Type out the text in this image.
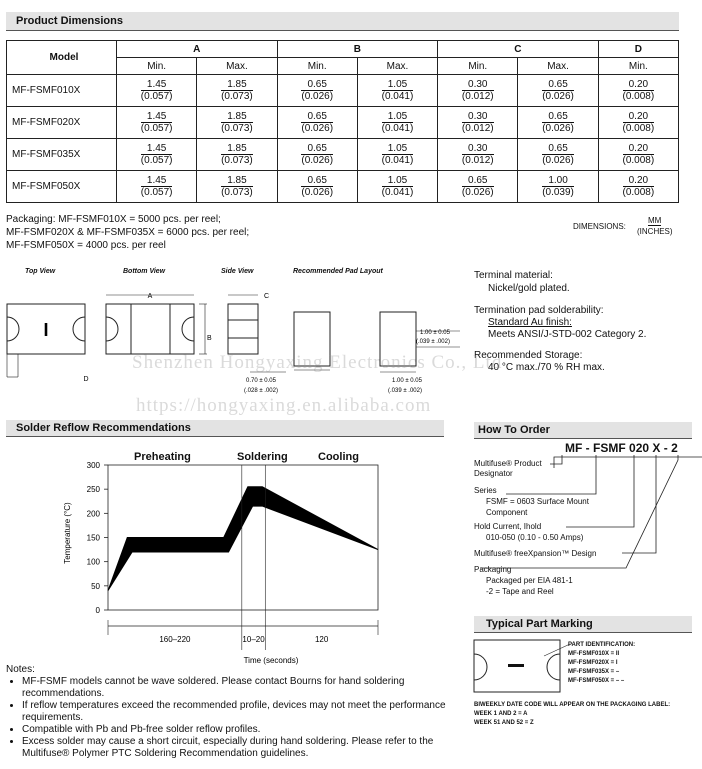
Product Dimensions
Model	A		B		C		D
	Min.	Max.	Min.	Max.	Min.	Max.	Min.
MF-FSMF010X	$\frac{1.45}{(0.057)}$	$\frac{1.85}{(0.073)}$	$\frac{0.65}{(0.026)}$	$\frac{1.05}{(0.041)}$	$\frac{0.30}{(0.012)}$	$\frac{0.65}{(0.026)}$	$\frac{0.20}{(0.008)}$

MF-FSMF020X	$\frac{1.45}{(0.057)}$	$\frac{1.85}{(0.073)}$	$\frac{0.65}{(0.026)}$	$\frac{1.05}{(0.041)}$	$\frac{0.30}{(0.012)}$	$\frac{0.65}{(0.026)}$	$\frac{0.20}{(0.008)}$

MF-FSMF035X	$\frac{1.45}{(0.057)}$	$\frac{1.85}{(0.073)}$	$\frac{0.65}{(0.026)}$	$\frac{1.05}{(0.041)}$	$\frac{0.30}{(0.012)}$	$\frac{0.65}{(0.026)}$	$\frac{0.20}{(0.008)}$

MF-FSMF050X	$\frac{1.45}{(0.057)}$	$\frac{1.85}{(0.073)}$	$\frac{0.65}{(0.026)}$	$\frac{1.05}{(0.041)}$	$\frac{0.65}{(0.026)}$	$\frac{1.00}{(0.039)}$	$\frac{0.20}{(0.008)}$
Packaging: MF-FSMF010X = 5000 pcs. per reel;
MF-FSMF020X & MF-FSMF035X = 6000 pcs. per reel;
MF-FSMF050X = 4000 pcs. per reel
DIMENSIONS:
MM
(INCHES)
Top View	Bottom View	Side View	Recommended Pad Layout
I
D
A
B
C
1.00 ± 0.05
(.039 ± .002)
0.70 ± 0.05
(.028 ± .002)
1.00 ± 0.05
(.039 ± .002)
Terminal material:
Nickel/gold plated.
Termination pad solderability:
Standard Au finish:
Meets ANSI/J-STD-002 Category 2.
Recommended Storage:
40 °C max./70 % RH max.
Shenzhen Hongyaxing Electronics Co., Ltd
https://hongyaxing.en.alibaba.com
Solder Reflow Recommendations
Preheating	Soldering	Cooling
Temperature (°C)
0
50
100
150
200
250
300
160–220	10–20	120
Time (seconds)
How To Order
MF - FSMF 020 X - 2
Multifuse® Product Designator
Series
FSMF = 0603 Surface Mount
Component
Hold Current, Ihold
010-050 (0.10 - 0.50 Amps)
Multifuse® freeXpansion™ Design
Packaging
Packaged per EIA 481-1
-2 = Tape and Reel
Typical Part Marking
PART IDENTIFICATION:
MF-FSMF010X = II
MF-FSMF020X = I
MF-FSMF035X = –
MF-FSMF050X = – –
BIWEEKLY DATE CODE WILL APPEAR ON THE PACKAGING LABEL:
WEEK 1 AND 2 = A
WEEK 51 AND 52 = Z
Notes:
• MF-FSMF models cannot be wave soldered. Please contact Bourns for hand soldering recommendations.
• If reflow temperatures exceed the recommended profile, devices may not meet the performance requirements.
• Compatible with Pb and Pb-free solder reflow profiles.
• Excess solder may cause a short circuit, especially during hand soldering. Please refer to the Multifuse® Polymer PTC Soldering Recommendation guidelines.
